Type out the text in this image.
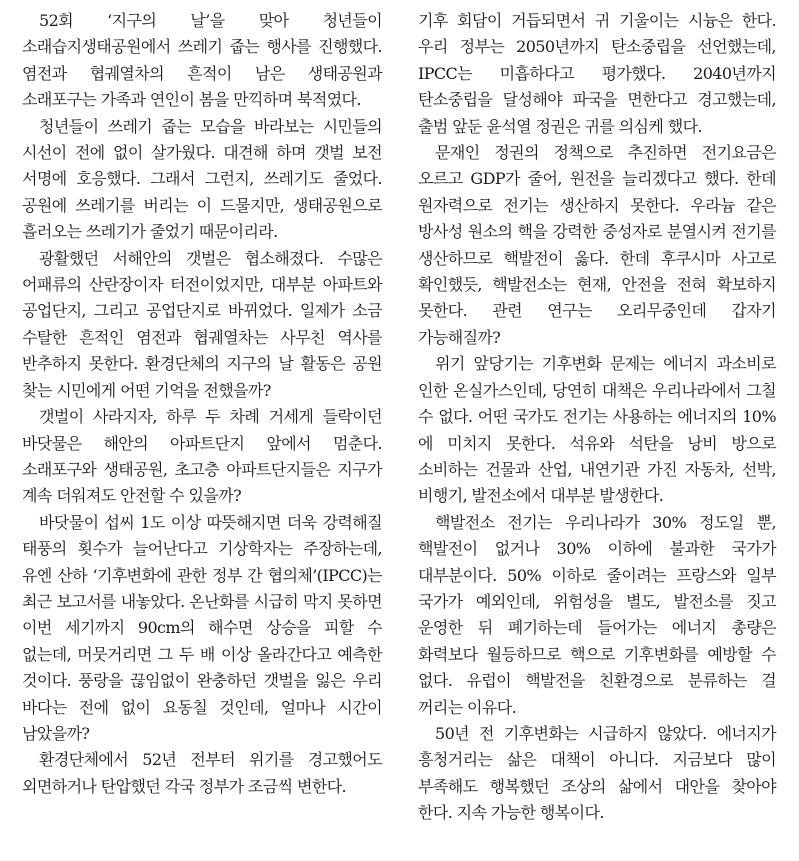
52회 ‘지구의 날’을 맞아 청년들이 소래습지생태공원에서 쓰레기 줍는 행사를 진행했다. 염전과 협궤열차의 흔적이 남은 생태공원과 소래포구는 가족과 연인이 봄을 만끽하며 북적였다.

청년들이 쓰레기 줍는 모습을 바라보는 시민들의 시선이 전에 없이 살가웠다. 대견해 하며 갯벌 보전 서명에 호응했다. 그래서 그런지, 쓰레기도 줄었다. 공원에 쓰레기를 버리는 이 드물지만, 생태공원으로 흘러오는 쓰레기가 줄었기 때문이리라.

광활했던 서해안의 갯벌은 협소해졌다. 수많은 어패류의 산란장이자 터전이었지만, 대부분 아파트와 공업단지, 그리고 공업단지로 바뀌었다. 일제가 소금 수탈한 흔적인 염전과 협궤열차는 사무친 역사를 반추하지 못한다. 환경단체의 지구의 날 활동은 공원 찾는 시민에게 어떤 기억을 전했을까?

갯벌이 사라지자, 하루 두 차례 거세게 들락이던 바닷물은 해안의 아파트단지 앞에서 멈춘다. 소래포구와 생태공원, 초고층 아파트단지들은 지구가 계속 더워져도 안전할 수 있을까?

바닷물이 섭씨 1도 이상 따뜻해지면 더욱 강력해질 태풍의 횟수가 늘어난다고 기상학자는 주장하는데, 유엔 산하 ‘기후변화에 관한 정부 간 협의체’(IPCC)는 최근 보고서를 내놓았다. 온난화를 시급히 막지 못하면 이번 세기까지 90cm의 해수면 상승을 피할 수 없는데, 머뭇거리면 그 두 배 이상 올라간다고 예측한 것이다. 풍랑을 끊임없이 완충하던 갯벌을 잃은 우리 바다는 전에 없이 요동칠 것인데, 얼마나 시간이 남았을까?

환경단체에서 52년 전부터 위기를 경고했어도 외면하거나 탄압했던 각국 정부가 조금씩 변한다.

기후 회담이 거듭되면서 귀 기울이는 시늉은 한다. 우리 정부는 2050년까지 탄소중립을 선언했는데, IPCC는 미흡하다고 평가했다. 2040년까지 탄소중립을 달성해야 파국을 면한다고 경고했는데, 출범 앞둔 윤석열 정권은 귀를 의심케 했다.

문재인 정권의 정책으로 추진하면 전기요금은 오르고 GDP가 줄어, 원전을 늘리겠다고 했다. 한데 원자력으로 전기는 생산하지 못한다. 우라늄 같은 방사성 원소의 핵을 강력한 중성자로 분열시켜 전기를 생산하므로 핵발전이 옳다. 한데 후쿠시마 사고로 확인했듯, 핵발전소는 현재, 안전을 전혀 확보하지 못한다. 관련 연구는 오리무중인데 갑자기 가능해질까?

위기 앞당기는 기후변화 문제는 에너지 과소비로 인한 온실가스인데, 당연히 대책은 우리나라에서 그칠 수 없다. 어떤 국가도 전기는 사용하는 에너지의 10%에 미치지 못한다. 석유와 석탄을 낭비 방으로 소비하는 건물과 산업, 내연기관 가진 자동차, 선박, 비행기, 발전소에서 대부분 발생한다.

핵발전소 전기는 우리나라가 30% 정도일 뿐, 핵발전이 없거나 30% 이하에 불과한 국가가 대부분이다. 50% 이하로 줄이려는 프랑스와 일부 국가가 예외인데, 위험성을 별도, 발전소를 짓고 운영한 뒤 폐기하는데 들어가는 에너지 총량은 화력보다 월등하므로 핵으로 기후변화를 예방할 수 없다. 유럽이 핵발전을 친환경으로 분류하는 걸 꺼리는 이유다.

50년 전 기후변화는 시급하지 않았다. 에너지가 흥청거리는 삶은 대책이 아니다. 지금보다 많이 부족해도 행복했던 조상의 삶에서 대안을 찾아야 한다. 지속 가능한 행복이다.
